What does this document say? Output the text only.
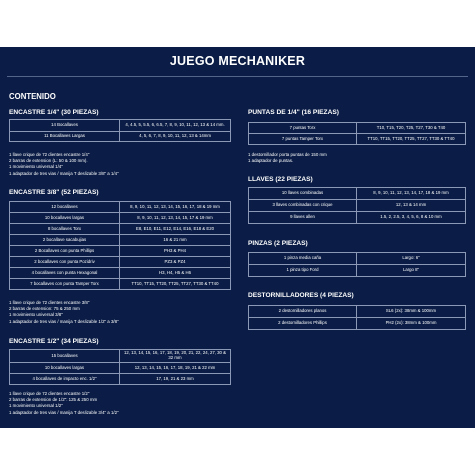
JUEGO MECHANIKER
CONTENIDO
ENCASTRE 1/4" (30 PIEZAS)
14 Bocallaves	4, 4.5, 5, 5.5, 6, 6.5, 7, 8, 9, 10, 11, 12, 13 & 14 mm.
11 Bocallaves Largas	4, 5, 6, 7, 8, 9, 10, 11, 12, 13 & 14mm
1 llave crique de 72 dientes encastre 1/4"
2 barras de extension (L: 50 & 100 mm).
1 movimiento universal 1/4"
1 adaptador de tres vias / manija T deslizable 3/8" a 1/4"
ENCASTRE 3/8" (52 PIEZAS)
12 bocallaves	8, 9, 10, 11, 12, 13, 14, 15, 16, 17, 18 & 19 mm
10 bocallaves largas	8, 9, 10, 11, 12, 13, 14, 15, 17 & 19 mm
8 bocallaves Torx	E8, E10, E11, E12, E14, E16, E18 & E20
2 bocallave sacabujias	16 & 21 mm
2 Bocallaves con punta Phillips	PH3 & PH4
2 bocallaves con punta Pozidriv	PZ3 & PZ4
4 bocallaves con punta Hexagonal	H3, H4, H5 & H6
7 bocallaves con punta Tamper Torx	TT10, TT15, TT20, TT25, TT27, TT30 & TT40
1 llave crique de 72 dientes encastre 3/8"
2 barras de extension: 75 & 250 mm
1 movimiento universal 3/8"
1 adaptador de tres vias / manija T deslizable 1/2" a 3/8"
ENCASTRE 1/2" (34 PIEZAS)
15 bocallaves	12, 13, 14, 15, 16, 17, 18, 19, 20, 21, 22, 24, 27, 30 & 32 mm
10 bocallaves largas	12, 13, 14, 15, 16, 17, 18, 19, 21 & 22 mm
4 bocallaves de impacto enc. 1/2"	17, 19, 21 & 23 mm
1 llave crique de 72 dientes encastre 1/2"
2 barras de extension de 1/2": 125 & 250 mm
1 movimiento universal 1/2"
1 adaptador de tres vias / manija T deslizable 3/4" a 1/2"
PUNTAS DE 1/4" (16 PIEZAS)
7 puntas Torx	T10, T15, T20, T25, T27, T30 & T40
7 puntas Tamper Torx	TT10, TT15, TT20, TT25, TT27, TT30 & TT40
1 destornillador porta puntas de 150 mm
1 adaptador de puntas.
LLAVES (22 PIEZAS)
10 llaves combinadas	8, 9, 10, 11, 12, 13, 14, 17, 18 & 19 mm
3 llaves combinadas con crique	12, 13 & 14 mm
9 llaves allen	1.5, 2, 2.5, 3, 4, 5, 6, 8 & 10 mm
PINZAS (2 PIEZAS)
1 pinza media caña	Largo: 6"
1 pinza tipo Ford	Largo 8"
DESTORNILLADORES (4 PIEZAS)
2 destornilladores planos	SL6 (2x): 38mm & 100mm
2 destornilladores Phillips	PH2 (2x): 38mm & 100mm
